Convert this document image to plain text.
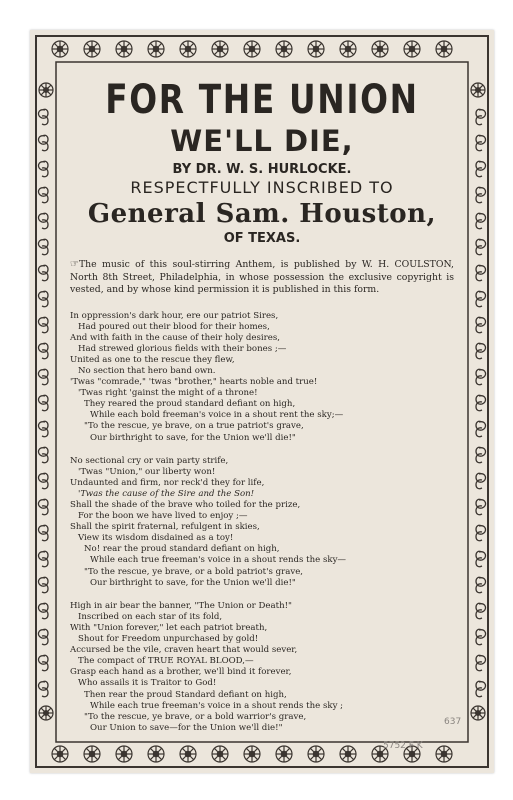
FOR THE UNION
WE'LL DIE,
BY DR. W. S. HURLOCKE.
RESPECTFULLY INSCRIBED TO
General Sam. Houston,
OF TEXAS.
☞The music of this soul-stirring Anthem, is published by W. H. COULSTON, North 8th Street, Philadelphia, in whose possession the exclusive copyright is vested, and by whose kind permission it is published in this form.
In oppression's dark hour, ere our patriot Sires,
Had poured out their blood for their homes,
And with faith in the cause of their holy desires,
Had strewed glorious fields with their bones ;—
United as one to the rescue they flew,
No section that hero band own.
'Twas "comrade," 'twas "brother," hearts noble and true!
'Twas right 'gainst the might of a throne!
They reared the proud standard defiant on high,
While each bold freeman's voice in a shout rent the sky;—
"To the rescue, ye brave, on a true patriot's grave,
Our birthright to save, for the Union we'll die!"
No sectional cry or vain party strife,
'Twas "Union," our liberty won!
Undaunted and firm, nor reck'd they for life,
'Twas the cause of the Sire and the Son!
Shall the shade of the brave who toiled for the prize,
For the boon we have lived to enjoy ;—
Shall the spirit fraternal, refulgent in skies,
View its wisdom disdained as a toy!
No! rear the proud standard defiant on high,
While each true freeman's voice in a shout rends the sky—
"To the rescue, ye brave, or a bold patriot's grave,
Our birthright to save, for the Union we'll die!"
High in air bear the banner, "The Union or Death!"
Inscribed on each star of its fold,
With "Union forever," let each patriot breath,
Shout for Freedom unpurchased by gold!
Accursed be the vile, craven heart that would sever,
The compact of TRUE ROYAL BLOOD,—
Grasp each hand as a brother, we'll bind it forever,
Who assails it is Traitor to God!
Then rear the proud Standard defiant on high,
While each true freeman's voice in a shout rends the sky ;
"To the rescue, ye brave, or a bold warrior's grave,
Our Union to save—for the Union we'll die!"
637
5752 F K
